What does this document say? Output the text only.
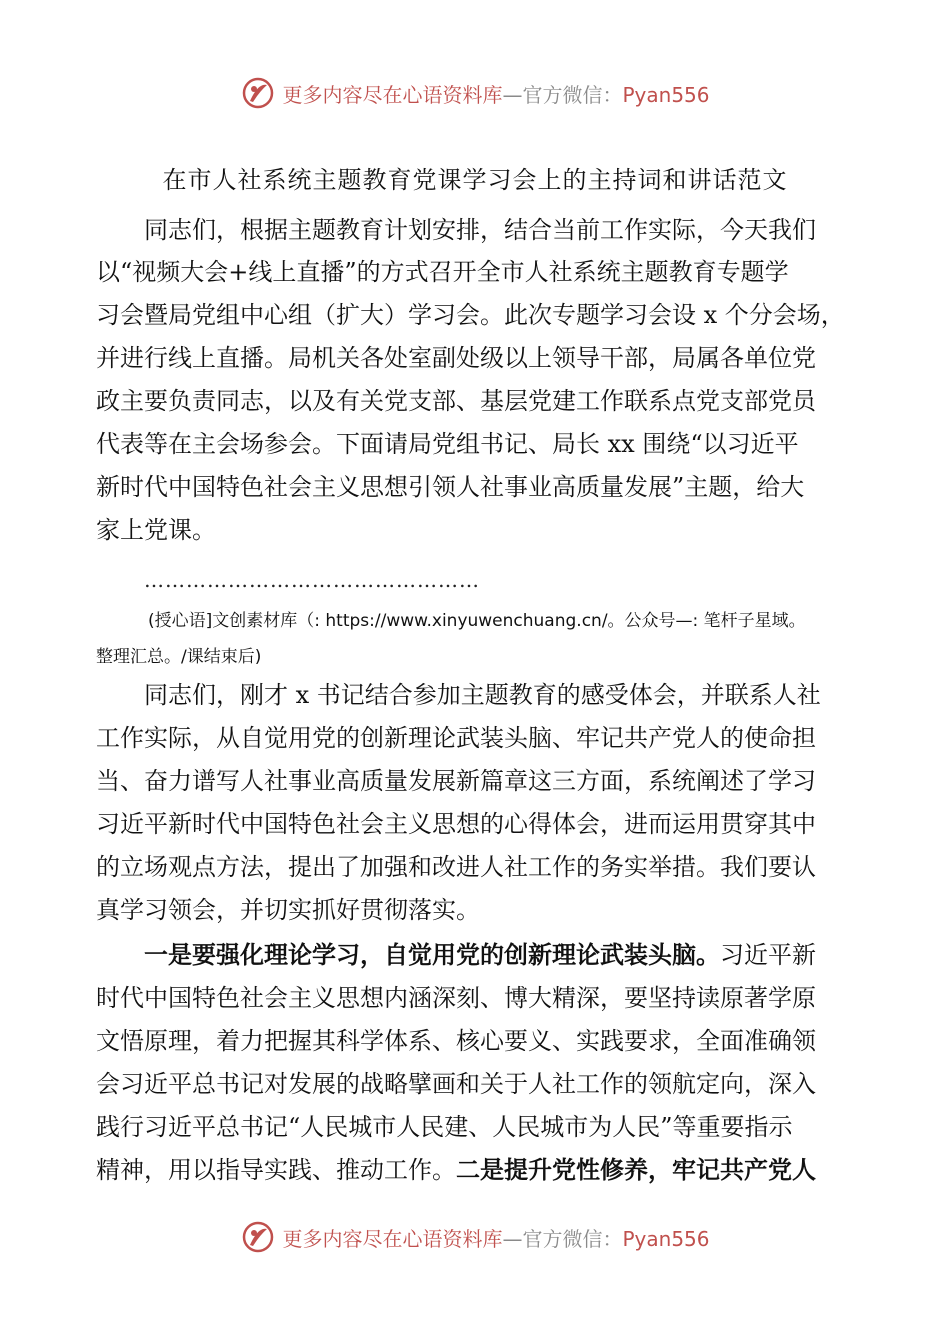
更多内容尽在心语资料库—官方微信：Pyan556
在市人社系统主题教育党课学习会上的主持词和讲话范文
同志们，根据主题教育计划安排，结合当前工作实际，今天我们
以“视频大会+线上直播”的方式召开全市人社系统主题教育专题学
习会暨局党组中心组（扩大）学习会。此次专题学习会设 x 个分会场，
并进行线上直播。局机关各处室副处级以上领导干部，局属各单位党
政主要负责同志，以及有关党支部、基层党建工作联系点党支部党员
代表等在主会场参会。下面请局党组书记、局长 xx 围绕“以习近平
新时代中国特色社会主义思想引领人社事业高质量发展”主题，给大
家上党课。
…………………………………………
(授心语]文创素材库（: https://www.xinyuwenchuang.cn/。公众号—: 笔杆子星域。
整理汇总。/课结束后)
同志们，刚才 x 书记结合参加主题教育的感受体会，并联系人社
工作实际，从自觉用党的创新理论武装头脑、牢记共产党人的使命担
当、奋力谱写人社事业高质量发展新篇章这三方面，系统阐述了学习
习近平新时代中国特色社会主义思想的心得体会，进而运用贯穿其中
的立场观点方法，提出了加强和改进人社工作的务实举措。我们要认
真学习领会，并切实抓好贯彻落实。
一是要强化理论学习，自觉用党的创新理论武装头脑。习近平新
时代中国特色社会主义思想内涵深刻、博大精深，要坚持读原著学原
文悟原理，着力把握其科学体系、核心要义、实践要求，全面准确领
会习近平总书记对发展的战略擘画和关于人社工作的领航定向，深入
践行习近平总书记“人民城市人民建、人民城市为人民”等重要指示
精神，用以指导实践、推动工作。二是提升党性修养，牢记共产党人
更多内容尽在心语资料库—官方微信：Pyan556
